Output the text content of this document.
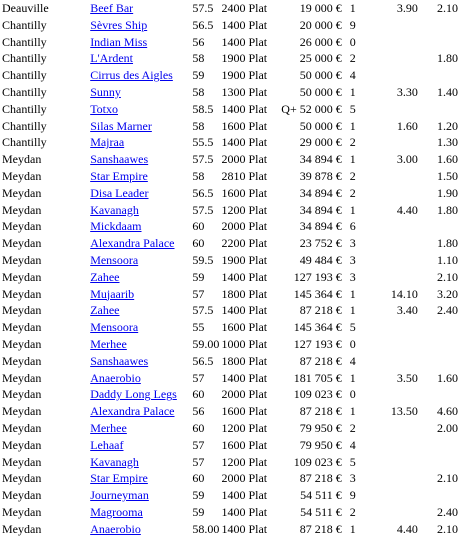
Deauville	Beef Bar	57.5	2400 Plat	19 000 €	1	3.90	2.10
Chantilly	Sèvres Ship	56.5	1400 Plat	20 000 €	9		
Chantilly	Indian Miss	56	1400 Plat	26 000 €	0		
Chantilly	L'Ardent	58	1900 Plat	25 000 €	2		1.80
Chantilly	Cirrus des Aigles	59	1900 Plat	50 000 €	4		
Chantilly	Sunny	58	1300 Plat	50 000 €	1	3.30	1.40
Chantilly	Totxo	58.5	1400 Plat	Q+ 52 000 €	5		
Chantilly	Silas Marner	58	1600 Plat	50 000 €	1	1.60	1.20
Chantilly	Majraa	55.5	1400 Plat	29 000 €	2		1.30
Meydan	Sanshaawes	57.5	2000 Plat	34 894 €	1	3.00	1.60
Meydan	Star Empire	58	2810 Plat	39 878 €	2		1.50
Meydan	Disa Leader	56.5	1600 Plat	34 894 €	2		1.90
Meydan	Kavanagh	57.5	1200 Plat	34 894 €	1	4.40	1.80
Meydan	Mickdaam	60	2000 Plat	34 894 €	6		
Meydan	Alexandra Palace	60	2200 Plat	23 752 €	3		1.80
Meydan	Mensoora	59.5	1900 Plat	49 484 €	3		1.10
Meydan	Zahee	59	1400 Plat	127 193 €	3		2.10
Meydan	Mujaarib	57	1800 Plat	145 364 €	1	14.10	3.20
Meydan	Zahee	57.5	1400 Plat	87 218 €	1	3.40	2.40
Meydan	Mensoora	55	1600 Plat	145 364 €	5		
Meydan	Merhee	59.00	1000 Plat	127 193 €	0		
Meydan	Sanshaawes	56.5	1800 Plat	87 218 €	4		
Meydan	Anaerobio	57	1400 Plat	181 705 €	1	3.50	1.60
Meydan	Daddy Long Legs	60	2000 Plat	109 023 €	0		
Meydan	Alexandra Palace	56	1600 Plat	87 218 €	1	13.50	4.60
Meydan	Merhee	60	1200 Plat	79 950 €	2		2.00
Meydan	Lehaaf	57	1600 Plat	79 950 €	4		
Meydan	Kavanagh	57	1200 Plat	109 023 €	5		
Meydan	Star Empire	60	2000 Plat	87 218 €	3		2.10
Meydan	Journeyman	59	1400 Plat	54 511 €	9		
Meydan	Magrooma	59	1400 Plat	54 511 €	2		2.40
Meydan	Anaerobio	58.00	1400 Plat	87 218 €	1	4.40	2.10
